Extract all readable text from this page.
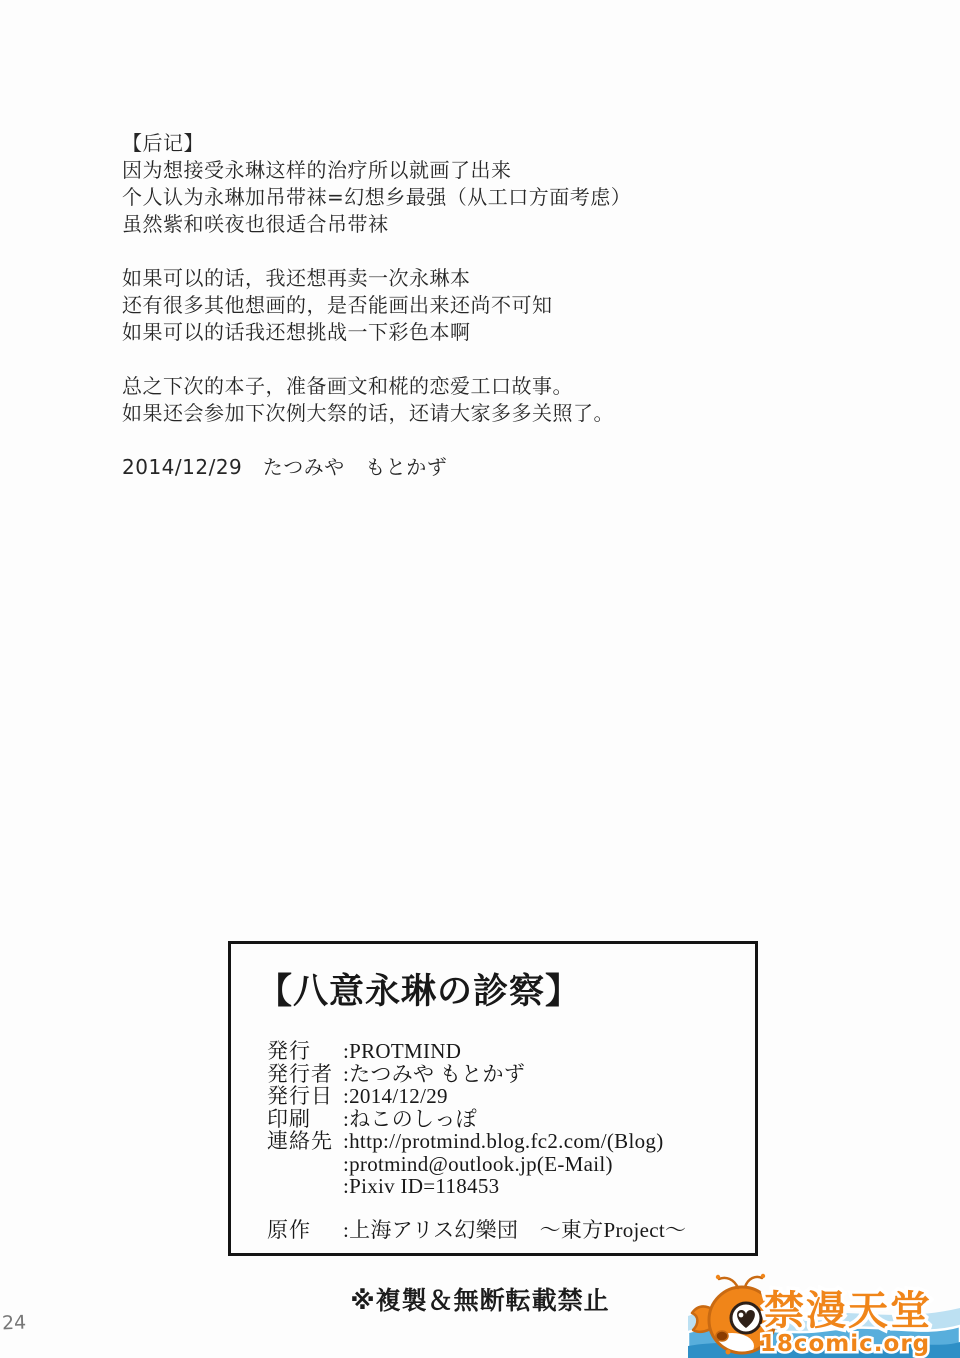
【后记】
因为想接受永琳这样的治疗所以就画了出来
个人认为永琳加吊带袜=幻想乡最强（从工口方面考虑）
虽然紫和咲夜也很适合吊带袜
如果可以的话，我还想再卖一次永琳本
还有很多其他想画的，是否能画出来还尚不可知
如果可以的话我还想挑战一下彩色本啊
总之下次的本子，准备画文和椛的恋爱工口故事。
如果还会参加下次例大祭的话，还请大家多多关照了。
2014/12/29　たつみや　もとかず
【八意永琳の診察】
発行	:PROTMIND
発行者 :たつみや もとかず
発行日 :2014/12/29
印刷	:ねこのしっぽ
連絡先 :http://protmind.blog.fc2.com/(Blog)
:protmind@outlook.jp(E-Mail)
:Pixiv ID=118453
原作	:上海アリス幻樂団　～東方Project～
※複製＆無断転載禁止
24	禁漫天堂
18comic.org
